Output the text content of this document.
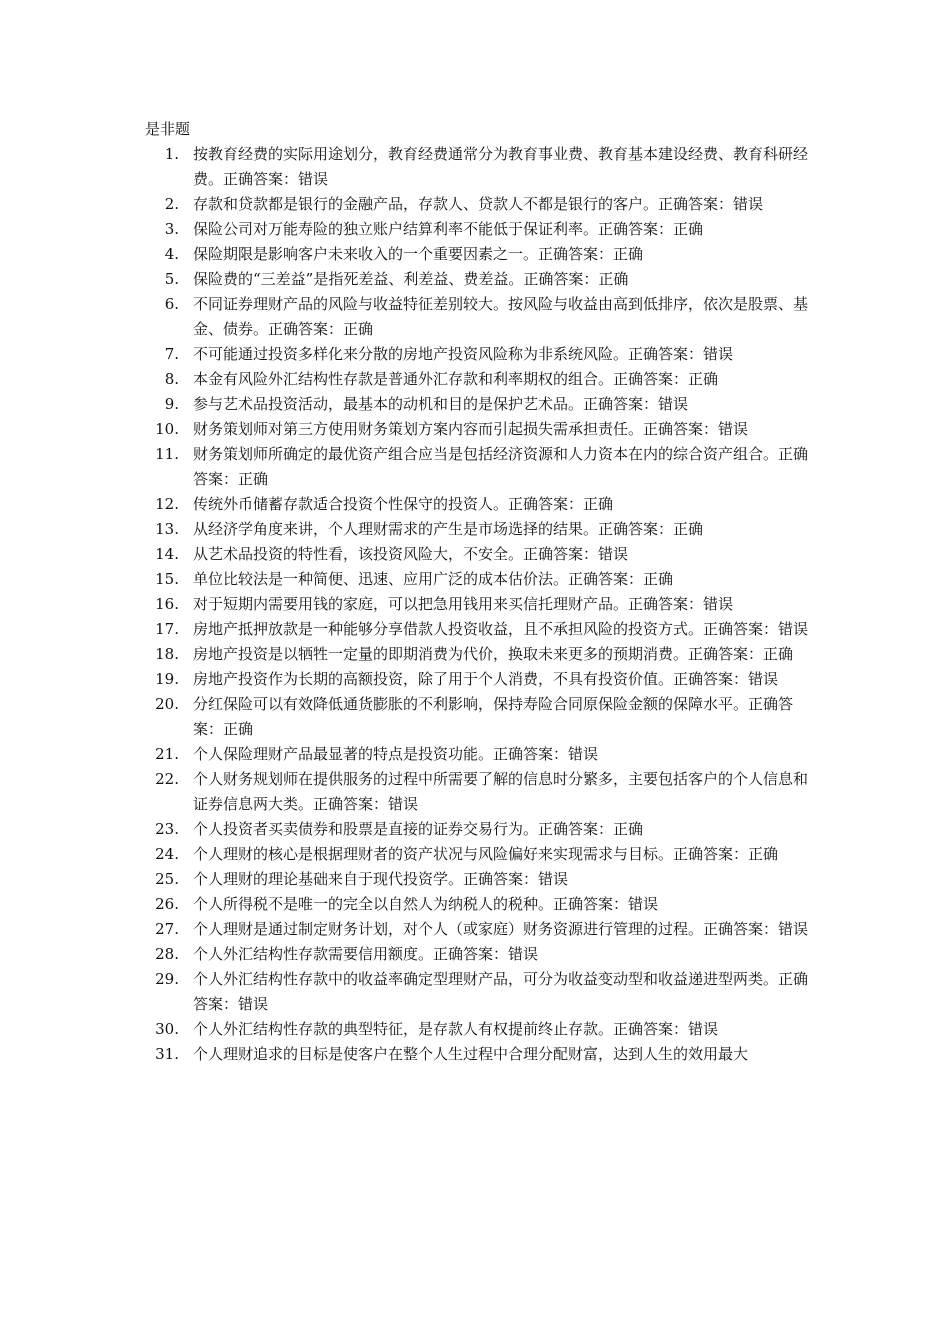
是非题
1. 按教育经费的实际用途划分，教育经费通常分为教育事业费、教育基本建设经费、教育科研经费。正确答案：错误
2. 存款和贷款都是银行的金融产品，存款人、贷款人不都是银行的客户。正确答案：错误
3. 保险公司对万能寿险的独立账户结算利率不能低于保证利率。正确答案：正确
4. 保险期限是影响客户未来收入的一个重要因素之一。正确答案：正确
5. 保险费的“三差益”是指死差益、利差益、费差益。正确答案：正确
6. 不同证券理财产品的风险与收益特征差别较大。按风险与收益由高到低排序，依次是股票、基金、债券。正确答案：正确
7. 不可能通过投资多样化来分散的房地产投资风险称为非系统风险。正确答案：错误
8. 本金有风险外汇结构性存款是普通外汇存款和利率期权的组合。正确答案：正确
9. 参与艺术品投资活动，最基本的动机和目的是保护艺术品。正确答案：错误
10. 财务策划师对第三方使用财务策划方案内容而引起损失需承担责任。正确答案：错误
11. 财务策划师所确定的最优资产组合应当是包括经济资源和人力资本在内的综合资产组合。正确答案：正确
12. 传统外币储蓄存款适合投资个性保守的投资人。正确答案：正确
13. 从经济学角度来讲，个人理财需求的产生是市场选择的结果。正确答案：正确
14. 从艺术品投资的特性看，该投资风险大，不安全。正确答案：错误
15. 单位比较法是一种简便、迅速、应用广泛的成本估价法。正确答案：正确
16. 对于短期内需要用钱的家庭，可以把急用钱用来买信托理财产品。正确答案：错误
17. 房地产抵押放款是一种能够分享借款人投资收益，且不承担风险的投资方式。正确答案：错误
18. 房地产投资是以牺牲一定量的即期消费为代价，换取未来更多的预期消费。正确答案：正确
19. 房地产投资作为长期的高额投资，除了用于个人消费，不具有投资价值。正确答案：错误
20. 分红保险可以有效降低通货膨胀的不利影响，保持寿险合同原保险金额的保障水平。正确答案：正确
21. 个人保险理财产品最显著的特点是投资功能。正确答案：错误
22. 个人财务规划师在提供服务的过程中所需要了解的信息时分繁多，主要包括客户的个人信息和证券信息两大类。正确答案：错误
23. 个人投资者买卖债券和股票是直接的证券交易行为。正确答案：正确
24. 个人理财的核心是根据理财者的资产状况与风险偏好来实现需求与目标。正确答案：正确
25. 个人理财的理论基础来自于现代投资学。正确答案：错误
26. 个人所得税不是唯一的完全以自然人为纳税人的税种。正确答案：错误
27. 个人理财是通过制定财务计划，对个人（或家庭）财务资源进行管理的过程。正确答案：错误
28. 个人外汇结构性存款需要信用额度。正确答案：错误
29. 个人外汇结构性存款中的收益率确定型理财产品，可分为收益变动型和收益递进型两类。正确答案：错误
30. 个人外汇结构性存款的典型特征，是存款人有权提前终止存款。正确答案：错误
31. 个人理财追求的目标是使客户在整个人生过程中合理分配财富，达到人生的效用最大
